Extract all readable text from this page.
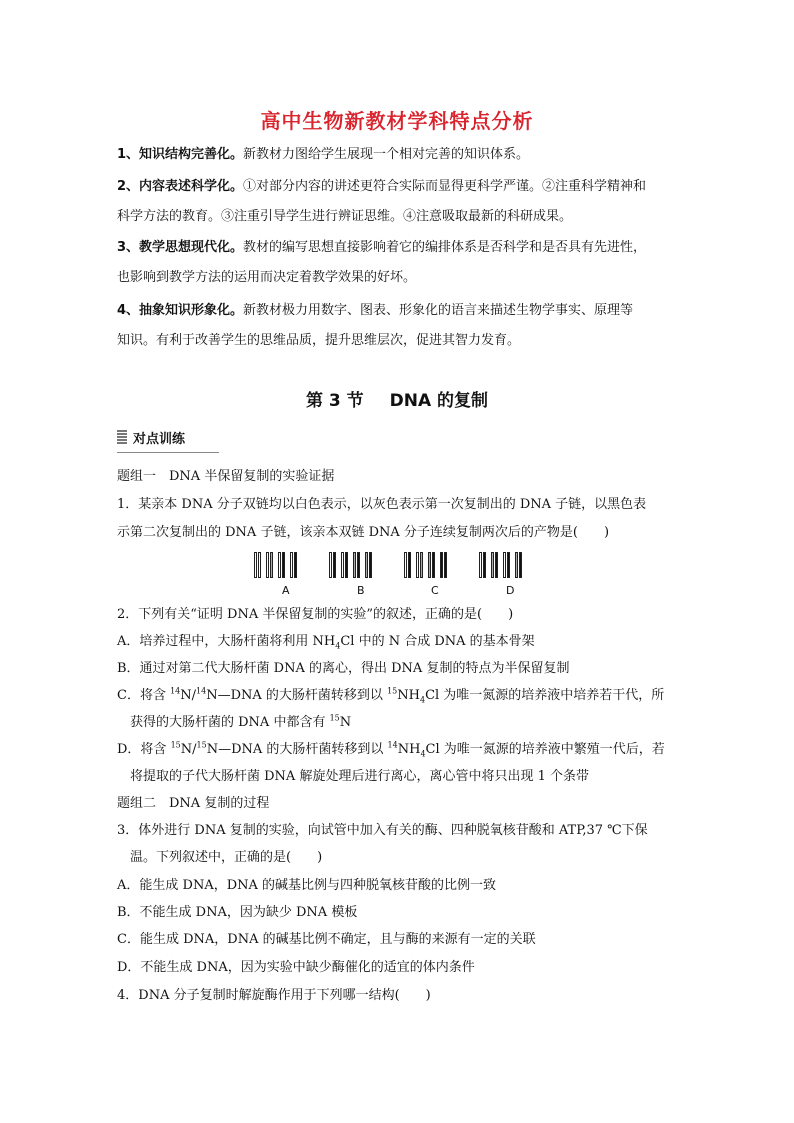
高中生物新教材学科特点分析
1、知识结构完善化。新教材力图给学生展现一个相对完善的知识体系。
2、内容表述科学化。①对部分内容的讲述更符合实际而显得更科学严谨。②注重科学精神和
科学方法的教育。③注重引导学生进行辨证思维。④注意吸取最新的科研成果。
3、教学思想现代化。教材的编写思想直接影响着它的编排体系是否科学和是否具有先进性，
也影响到教学方法的运用而决定着教学效果的好坏。
4、抽象知识形象化。新教材极力用数字、图表、形象化的语言来描述生物学事实、原理等
知识。有利于改善学生的思维品质，提升思维层次，促进其智力发育。
第 3 节 DNA 的复制
对点训练
题组一　DNA 半保留复制的实验证据
1．某亲本 DNA 分子双链均以白色表示，以灰色表示第一次复制出的 DNA 子链，以黑色表
示第二次复制出的 DNA 子链，该亲本双链 DNA 分子连续复制两次后的产物是(　　)
A	B	C	D
2．下列有关“证明 DNA 半保留复制的实验”的叙述，正确的是(　　)
A．培养过程中，大肠杆菌将利用 $NH_4Cl$ 中的 N 合成 DNA 的基本骨架
B．通过对第二代大肠杆菌 DNA 的离心，得出 DNA 复制的特点为半保留复制
C．将含 $^{14}$N/$^{14}$N—DNA 的大肠杆菌转移到以 $^{15}NH_4Cl$ 为唯一氮源的培养液中培养若干代，所
获得的大肠杆菌的 DNA 中都含有 $^{15}$N
D．将含 $^{15}$N/$^{15}$N—DNA 的大肠杆菌转移到以 $^{14}NH_4Cl$ 为唯一氮源的培养液中繁殖一代后，若
将提取的子代大肠杆菌 DNA 解旋处理后进行离心，离心管中将只出现 1 个条带
题组二　DNA 复制的过程
3．体外进行 DNA 复制的实验，向试管中加入有关的酶、四种脱氧核苷酸和 ATP,37 ℃下保
温。下列叙述中，正确的是(　　)
A．能生成 DNA，DNA 的碱基比例与四种脱氧核苷酸的比例一致
B．不能生成 DNA，因为缺少 DNA 模板
C．能生成 DNA，DNA 的碱基比例不确定，且与酶的来源有一定的关联
D．不能生成 DNA，因为实验中缺少酶催化的适宜的体内条件
4．DNA 分子复制时解旋酶作用于下列哪一结构(　　)
